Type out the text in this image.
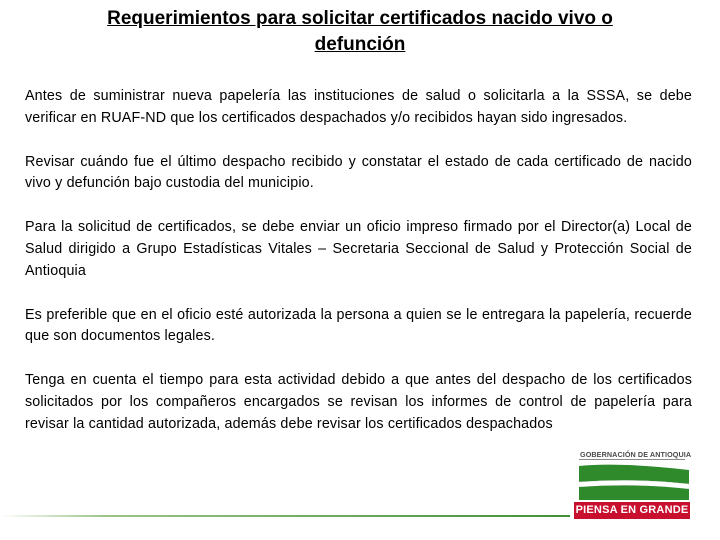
Requerimientos para solicitar certificados nacido vivo o defunción

Antes de suministrar nueva papelería las instituciones de salud o solicitarla a la SSSA, se debe verificar en RUAF-ND que los certificados despachados y/o recibidos hayan sido ingresados.

Revisar cuándo fue el último despacho recibido y constatar el estado de cada certificado de nacido vivo y defunción bajo custodia del municipio.

Para la solicitud de certificados, se debe enviar un oficio impreso firmado por el Director(a) Local de Salud dirigido a Grupo Estadísticas Vitales – Secretaria Seccional de Salud y Protección Social de Antioquia

Es preferible que en el oficio esté autorizada la persona a quien se le entregara la papelería, recuerde que son documentos legales.

Tenga en cuenta el tiempo para esta actividad debido a que antes del despacho de los certificados solicitados por los compañeros encargados se revisan los informes de control de papelería para revisar la cantidad autorizada, además debe revisar los certificados despachados

GOBERNACIÓN DE ANTIOQUIA
PIENSA EN GRANDE
